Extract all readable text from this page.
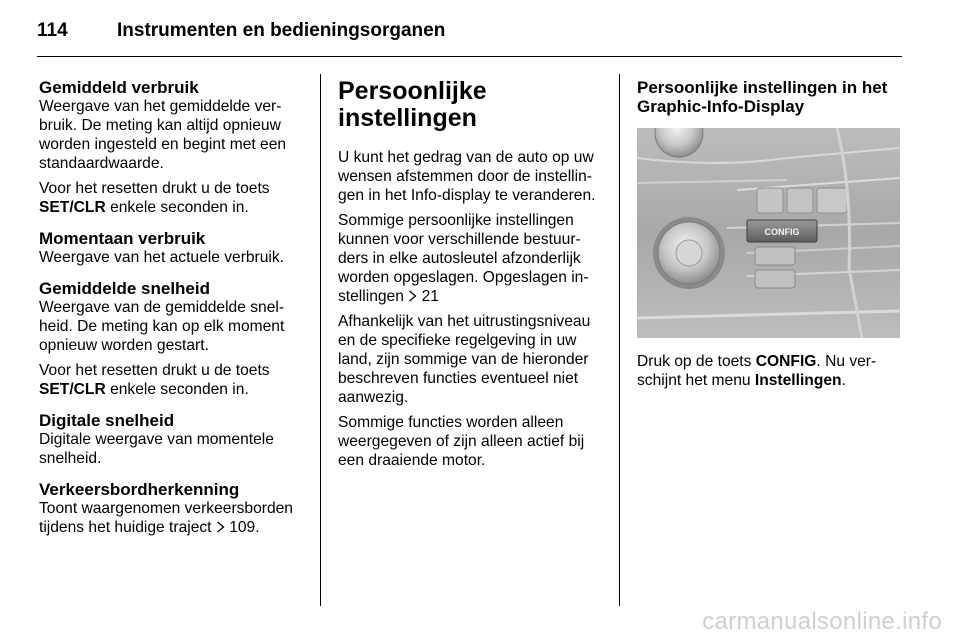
114	Instrumenten en bedieningsorganen

Gemiddeld verbruik

Weergave van het gemiddelde ver-bruik. De meting kan altijd opnieuw worden ingesteld en begint met een standaardwaarde.

Voor het resetten drukt u de toets SET/CLR enkele seconden in.

Momentaan verbruik

Weergave van het actuele verbruik.

Gemiddelde snelheid

Weergave van de gemiddelde snel-heid. De meting kan op elk moment opnieuw worden gestart.

Voor het resetten drukt u de toets SET/CLR enkele seconden in.

Digitale snelheid

Digitale weergave van momentele snelheid.

Verkeersbordherkenning

Toont waargenomen verkeersborden tijdens het huidige traject 109.

Persoonlijke instellingen

U kunt het gedrag van de auto op uw wensen afstemmen door de instellin-gen in het Info-display te veranderen.

Sommige persoonlijke instellingen kunnen voor verschillende bestuur-ders in elke autosleutel afzonderlijk worden opgeslagen. Opgeslagen in-stellingen 21

Afhankelijk van het uitrustingsniveau en de specifieke regelgeving in uw land, zijn sommige van de hieronder beschreven functies eventueel niet aanwezig.

Sommige functies worden alleen weergegeven of zijn alleen actief bij een draaiende motor.

Persoonlijke instellingen in het Graphic-Info-Display

CONFIG

Druk op de toets CONFIG. Nu ver-schijnt het menu Instellingen.

carmanualsonline.info
